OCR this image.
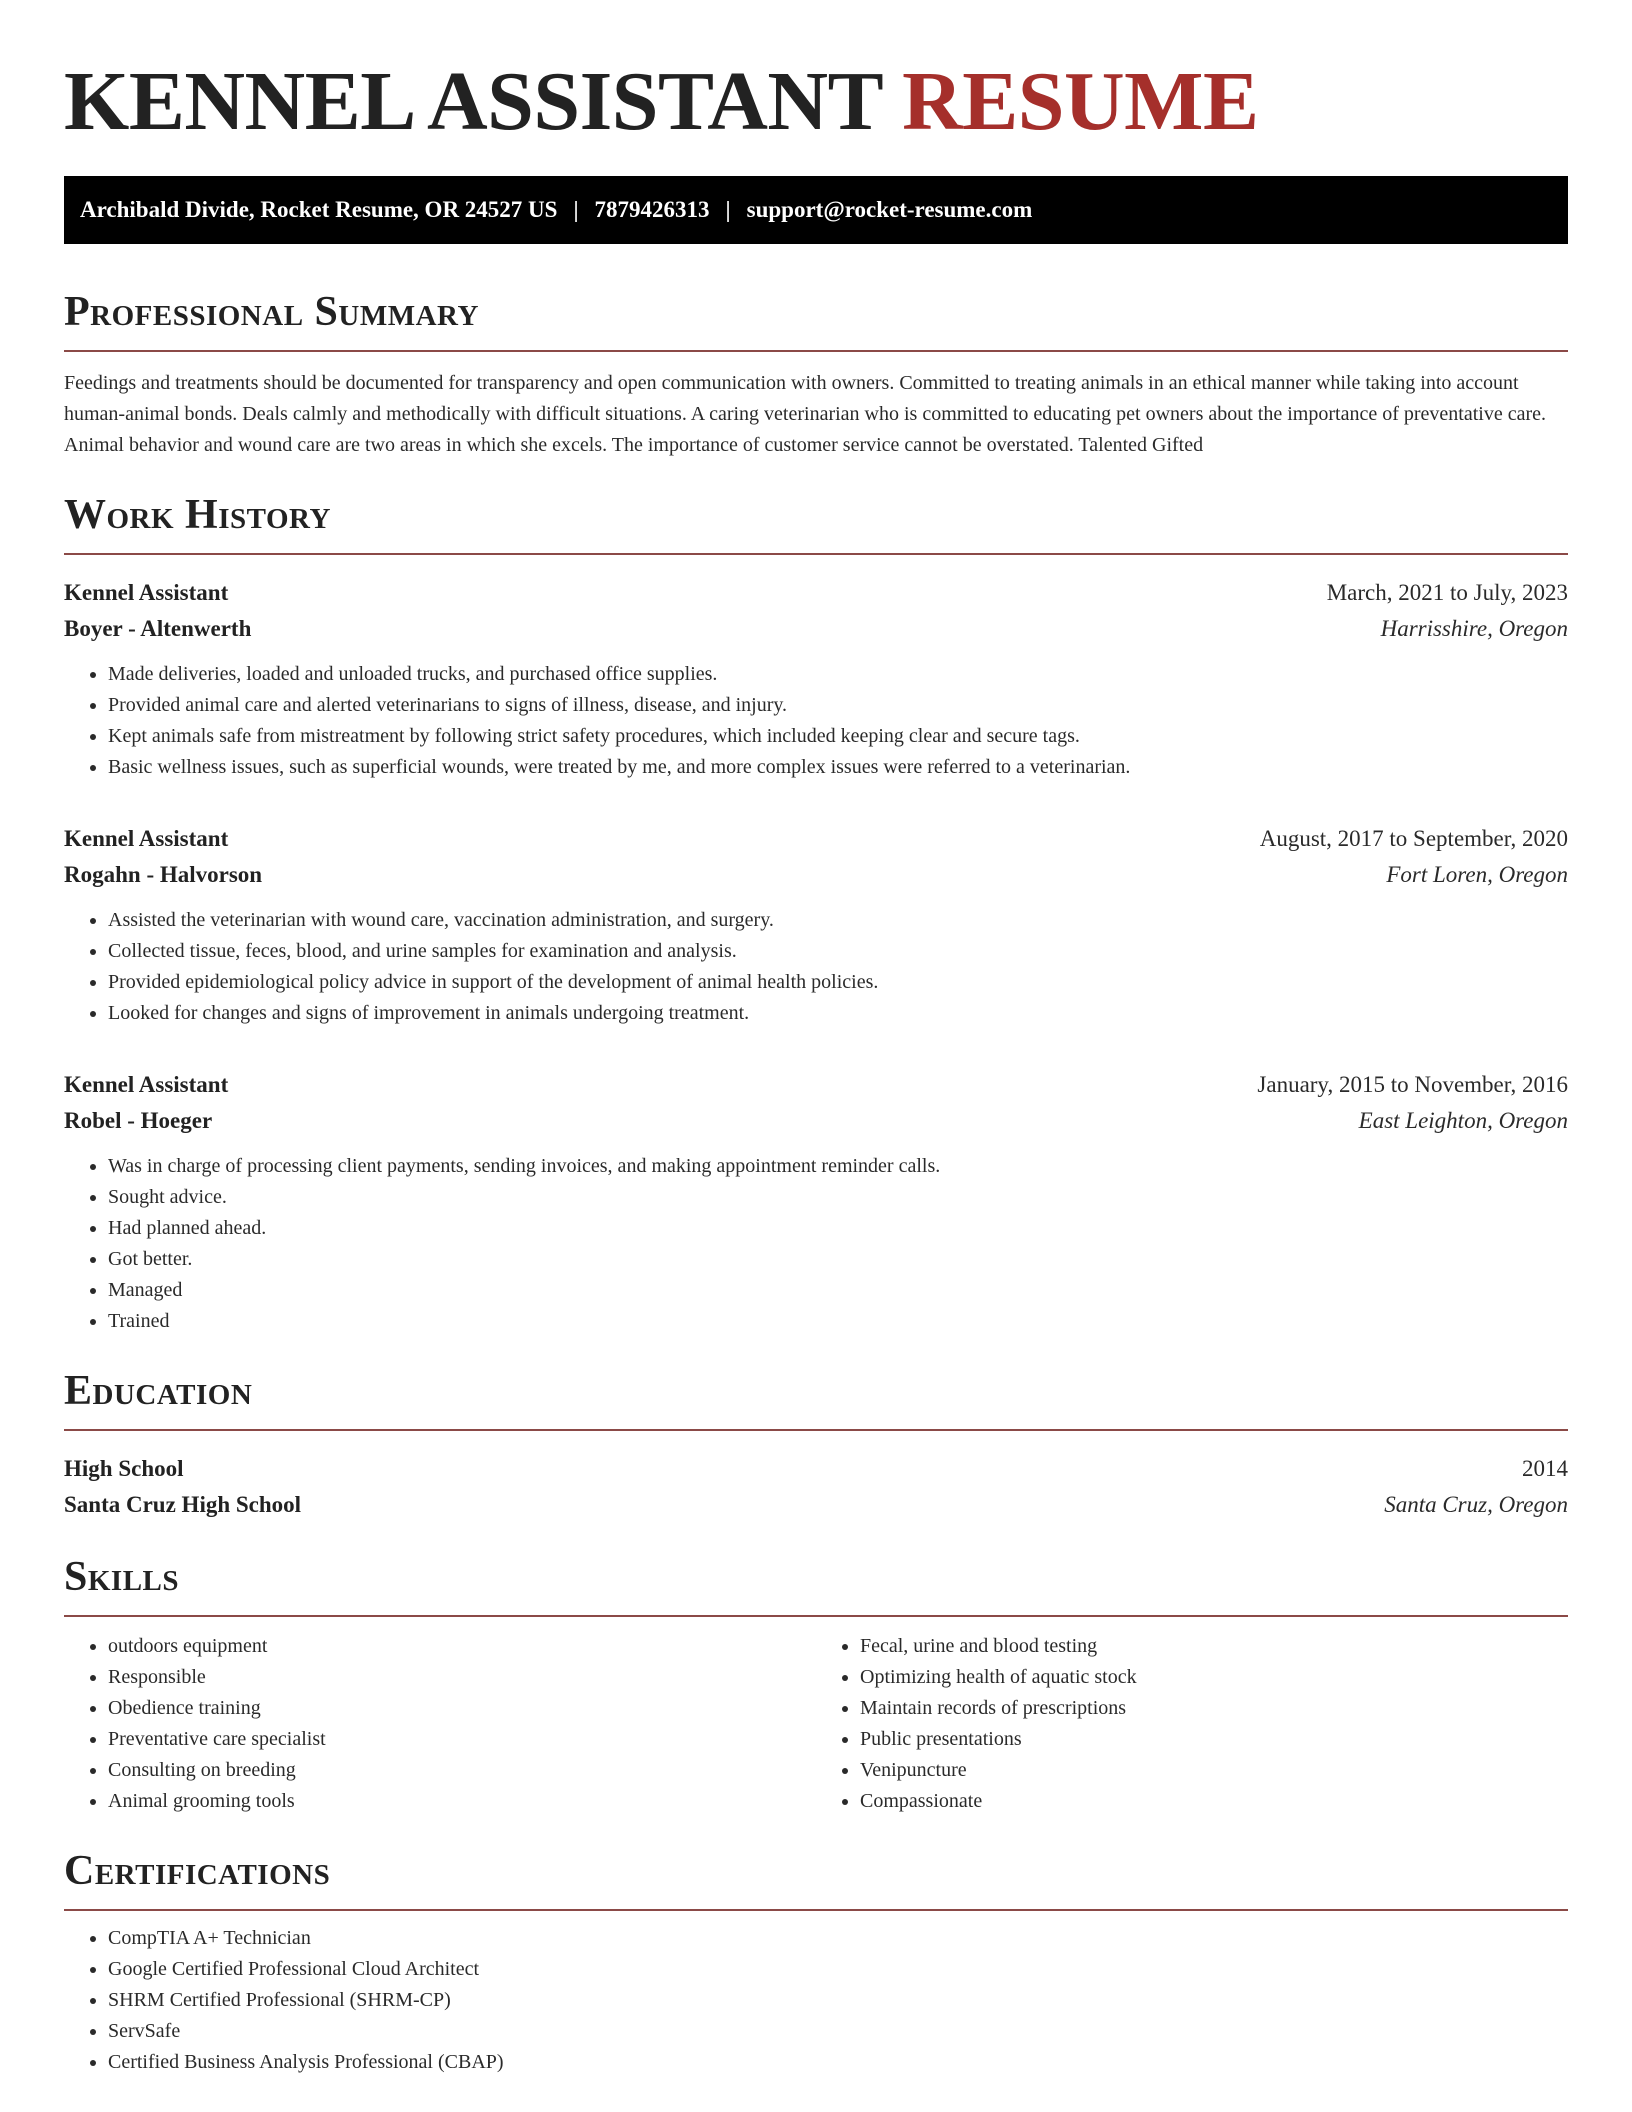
KENNEL ASSISTANT RESUME
Archibald Divide, Rocket Resume, OR 24527 US | 7879426313 | support@rocket-resume.com
Professional Summary

Feedings and treatments should be documented for transparency and open communication with owners. Committed to treating animals in an ethical manner while taking into account human-animal bonds. Deals calmly and methodically with difficult situations. A caring veterinarian who is committed to educating pet owners about the importance of preventative care. Animal behavior and wound care are two areas in which she excels. The importance of customer service cannot be overstated. Talented Gifted

Work History
Kennel Assistant	March, 2021 to July, 2023
Boyer - Altenwerth	Harrisshire, Oregon
• Made deliveries, loaded and unloaded trucks, and purchased office supplies.
• Provided animal care and alerted veterinarians to signs of illness, disease, and injury.
• Kept animals safe from mistreatment by following strict safety procedures, which included keeping clear and secure tags.
• Basic wellness issues, such as superficial wounds, were treated by me, and more complex issues were referred to a veterinarian.
Kennel Assistant	August, 2017 to September, 2020
Rogahn - Halvorson	Fort Loren, Oregon
• Assisted the veterinarian with wound care, vaccination administration, and surgery.
• Collected tissue, feces, blood, and urine samples for examination and analysis.
• Provided epidemiological policy advice in support of the development of animal health policies.
• Looked for changes and signs of improvement in animals undergoing treatment.
Kennel Assistant	January, 2015 to November, 2016
Robel - Hoeger	East Leighton, Oregon
• Was in charge of processing client payments, sending invoices, and making appointment reminder calls.
• Sought advice.
• Had planned ahead.
• Got better.
• Managed
• Trained
Education
High School	2014
Santa Cruz High School	Santa Cruz, Oregon
Skills
• outdoors equipment
• Responsible
• Obedience training
• Preventative care specialist
• Consulting on breeding
• Animal grooming tools
• Fecal, urine and blood testing
• Optimizing health of aquatic stock
• Maintain records of prescriptions
• Public presentations
• Venipuncture
• Compassionate
Certifications
• CompTIA A+ Technician
• Google Certified Professional Cloud Architect
• SHRM Certified Professional (SHRM-CP)
• ServSafe
• Certified Business Analysis Professional (CBAP)
